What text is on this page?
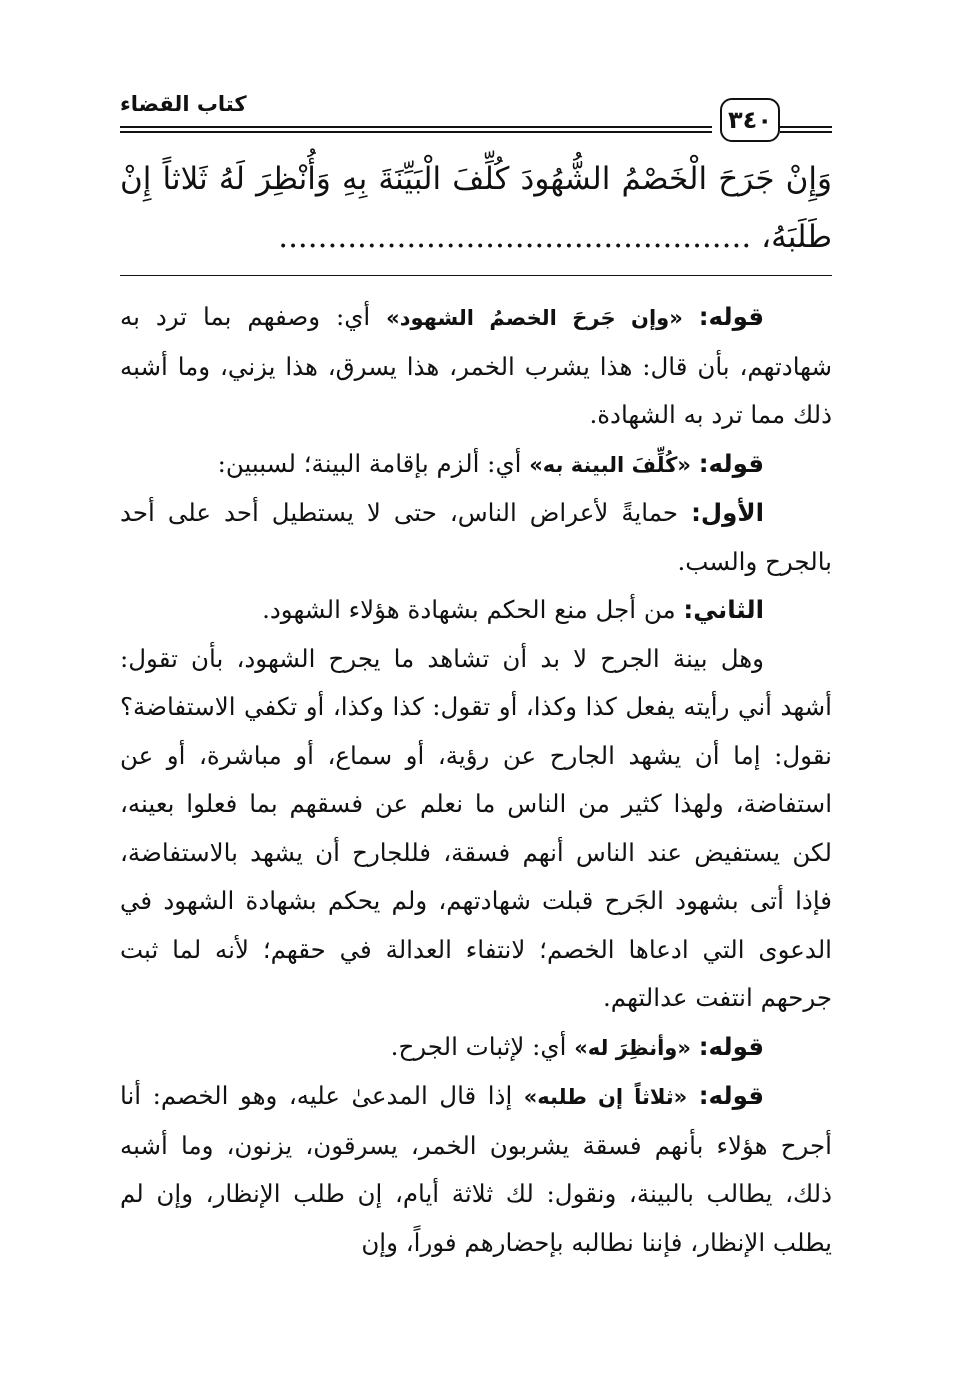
كتاب القضاء
٣٤٠
وَإِنْ جَرَحَ الْخَصْمُ الشُّهُودَ كُلِّفَ الْبَيِّنَةَ بِهِ وَأُنْظِرَ لَهُ ثَلاثاً إِنْ طَلَبَهُ، ................................................

قوله: «وإن جَرحَ الخصمُ الشهود» أي: وصفهم بما ترد به شهادتهم، بأن قال: هذا يشرب الخمر، هذا يسرق، هذا يزني، وما أشبه ذلك مما ترد به الشهادة.

قوله: «كُلِّفَ البينة به» أي: ألزم بإقامة البينة؛ لسببين:

الأول: حمايةً لأعراض الناس، حتى لا يستطيل أحد على أحد بالجرح والسب.

الثاني: من أجل منع الحكم بشهادة هؤلاء الشهود.

وهل بينة الجرح لا بد أن تشاهد ما يجرح الشهود، بأن تقول: أشهد أني رأيته يفعل كذا وكذا، أو تقول: كذا وكذا، أو تكفي الاستفاضة؟ نقول: إما أن يشهد الجارح عن رؤية، أو سماع، أو مباشرة، أو عن استفاضة، ولهذا كثير من الناس ما نعلم عن فسقهم بما فعلوا بعينه، لكن يستفيض عند الناس أنهم فسقة، فللجارح أن يشهد بالاستفاضة، فإذا أتى بشهود الجَرح قبلت شهادتهم، ولم يحكم بشهادة الشهود في الدعوى التي ادعاها الخصم؛ لانتفاء العدالة في حقهم؛ لأنه لما ثبت جرحهم انتفت عدالتهم.

قوله: «وأنظِرَ له» أي: لإثبات الجرح.

قوله: «ثلاثاً إن طلبه» إذا قال المدعىٰ عليه، وهو الخصم: أنا أجرح هؤلاء بأنهم فسقة يشربون الخمر، يسرقون، يزنون، وما أشبه ذلك، يطالب بالبينة، ونقول: لك ثلاثة أيام، إن طلب الإنظار، وإن لم يطلب الإنظار، فإننا نطالبه بإحضارهم فوراً، وإن
